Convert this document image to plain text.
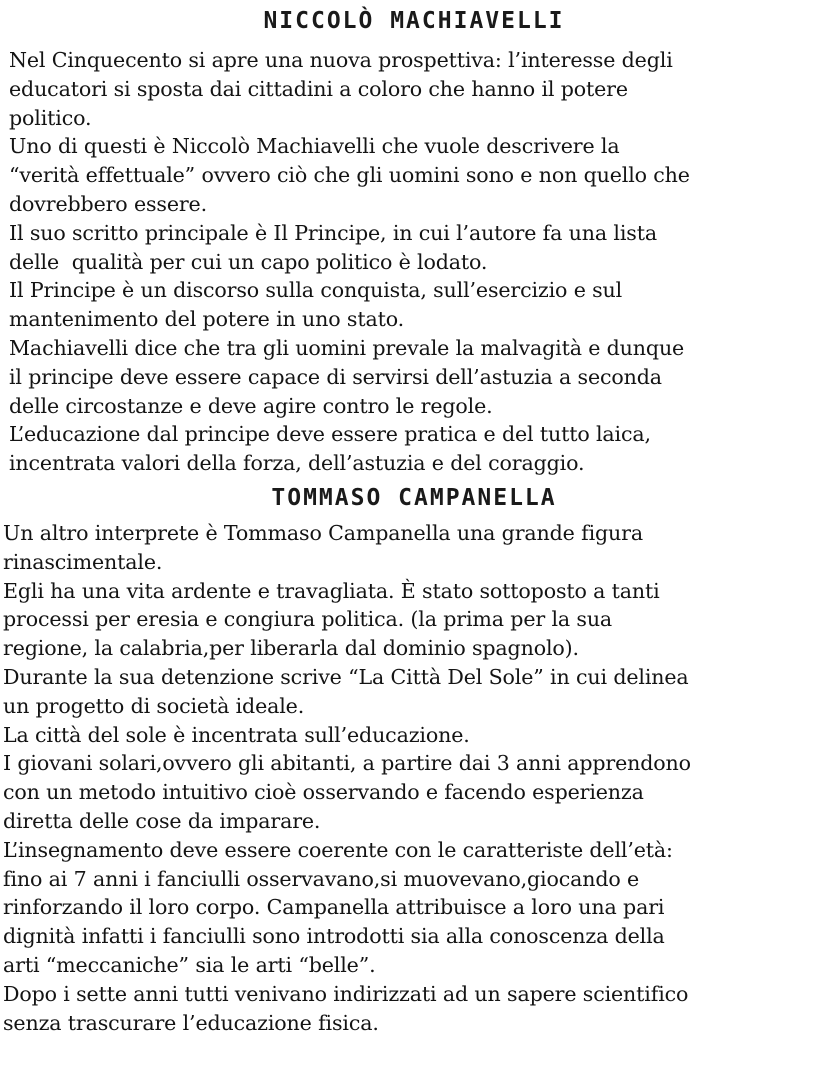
NICCOLÒ MACHIAVELLI

Nel Cinquecento si apre una nuova prospettiva: l’interesse degli

educatori si sposta dai cittadini a coloro che hanno il potere

politico.

Uno di questi è Niccolò Machiavelli che vuole descrivere la

“verità effettuale” ovvero ciò che gli uomini sono e non quello che

dovrebbero essere.

Il suo scritto principale è Il Principe, in cui l’autore fa una lista

delle  qualità per cui un capo politico è lodato.

Il Principe è un discorso sulla conquista, sull’esercizio e sul

mantenimento del potere in uno stato.

Machiavelli dice che tra gli uomini prevale la malvagità e dunque

il principe deve essere capace di servirsi dell’astuzia a seconda

delle circostanze e deve agire contro le regole.

L’educazione dal principe deve essere pratica e del tutto laica,

incentrata valori della forza, dell’astuzia e del coraggio.

TOMMASO CAMPANELLA

Un altro interprete è Tommaso Campanella una grande figura

rinascimentale.

Egli ha una vita ardente e travagliata. È stato sottoposto a tanti

processi per eresia e congiura politica. (la prima per la sua

regione, la calabria,per liberarla dal dominio spagnolo).

Durante la sua detenzione scrive “La Città Del Sole” in cui delinea

un progetto di società ideale.

La città del sole è incentrata sull’educazione.

I giovani solari,ovvero gli abitanti, a partire dai 3 anni apprendono

con un metodo intuitivo cioè osservando e facendo esperienza

diretta delle cose da imparare.

L’insegnamento deve essere coerente con le caratteriste dell’età:

fino ai 7 anni i fanciulli osservavano,si muovevano,giocando e

rinforzando il loro corpo. Campanella attribuisce a loro una pari

dignità infatti i fanciulli sono introdotti sia alla conoscenza della

arti “meccaniche” sia le arti “belle”.

Dopo i sette anni tutti venivano indirizzati ad un sapere scientifico

senza trascurare l’educazione fisica.
